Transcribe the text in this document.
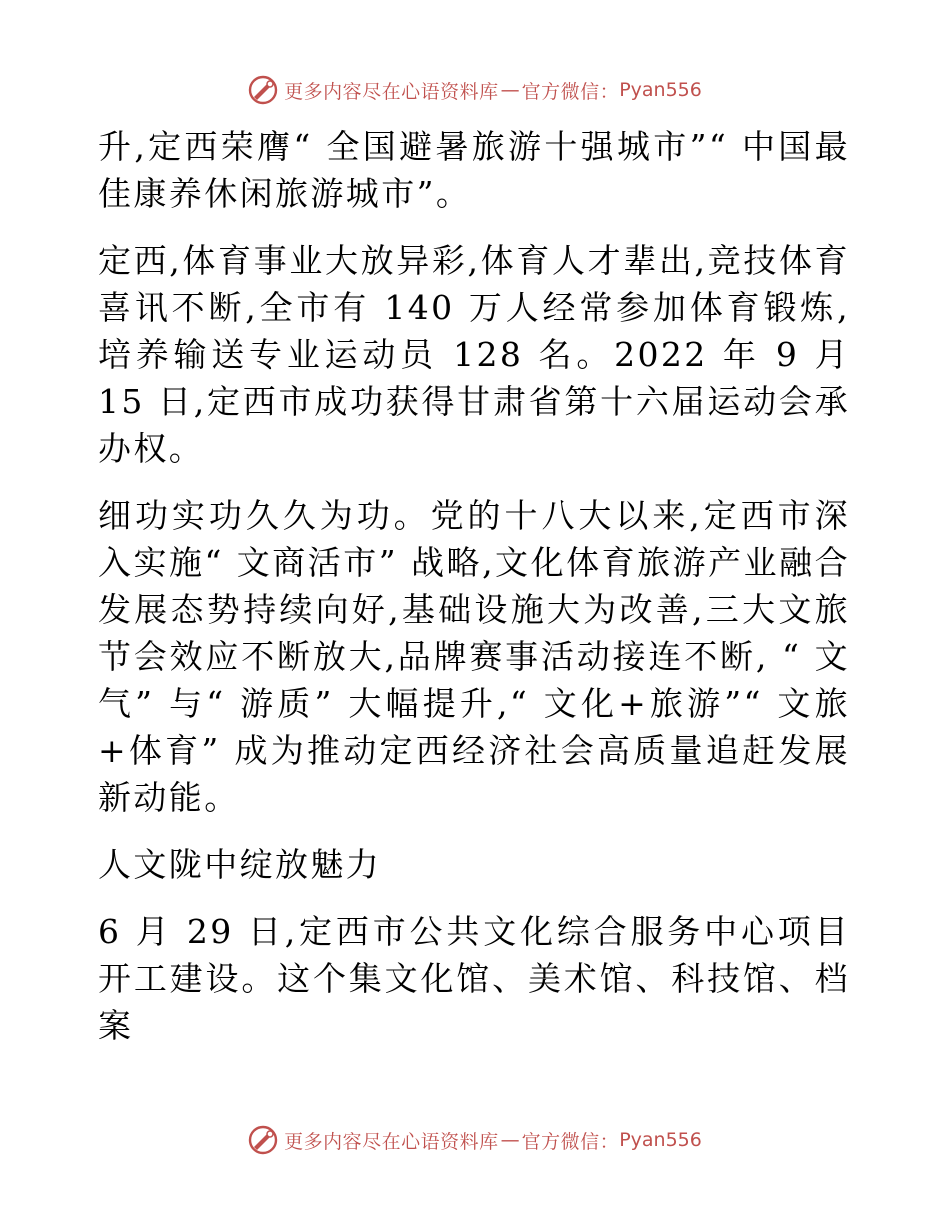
更多内容尽在心语资料库 — 官方微信： Pyan556

升,定西荣膺“ 全国避暑旅游十强城市”“ 中国最佳康养休闲旅游城市”。

定西,体育事业大放异彩,体育人才辈出,竞技体育喜讯不断,全市有 140 万人经常参加体育锻炼,培养输送专业运动员 128 名。2022 年 9 月 15 日,定西市成功获得甘肃省第十六届运动会承办权。

细功实功久久为功。党的十八大以来,定西市深入实施“ 文商活市” 战略,文化体育旅游产业融合发展态势持续向好,基础设施大为改善,三大文旅节会效应不断放大,品牌赛事活动接连不断, “ 文气” 与“ 游质” 大幅提升,“ 文化+旅游”“ 文旅+体育” 成为推动定西经济社会高质量追赶发展新动能。

人文陇中绽放魅力

6 月 29 日,定西市公共文化综合服务中心项目开工建设。这个集文化馆、美术馆、科技馆、档案

更多内容尽在心语资料库 — 官方微信： Pyan556
